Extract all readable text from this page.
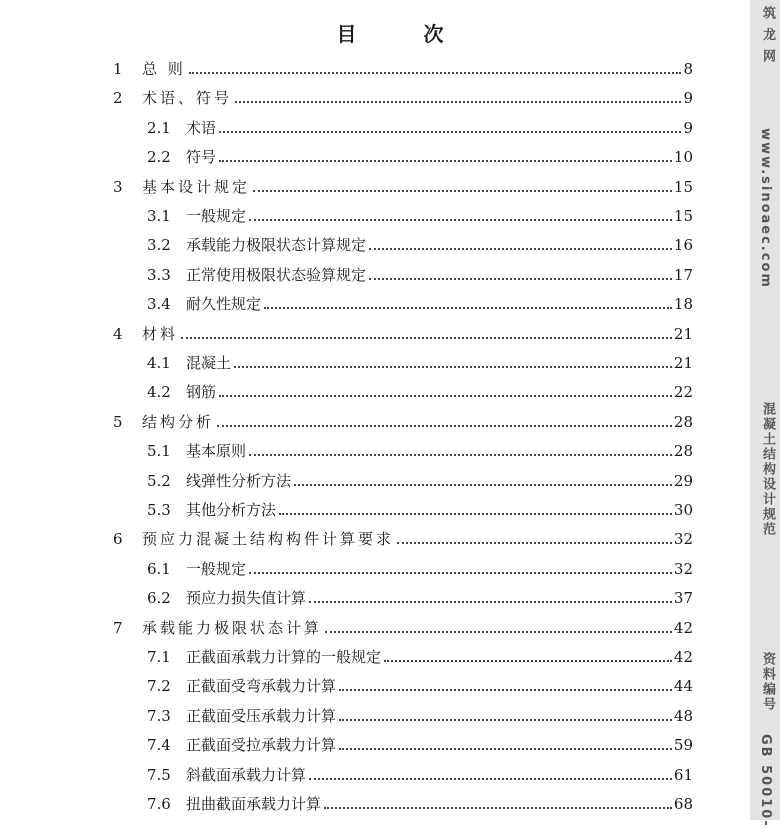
目 次
1	总 则	8
2	术语、符号	9
2.1	术语	9
2.2	符号	10
3	基本设计规定	15
3.1	一般规定	15
3.2	承载能力极限状态计算规定	16
3.3	正常使用极限状态验算规定	17
3.4	耐久性规定	18
4	材料	21
4.1	混凝土	21
4.2	钢筋	22
5	结构分析	28
5.1	基本原则	28
5.2	线弹性分析方法	29
5.3	其他分析方法	30
6	预应力混凝土结构构件计算要求	32
6.1	一般规定	32
6.2	预应力损失值计算	37
7	承载能力极限状态计算	42
7.1	正截面承载力计算的一般规定	42
7.2	正截面受弯承载力计算	44
7.3	正截面受压承载力计算	48
7.4	正截面受拉承载力计算	59
7.5	斜截面承载力计算	61
7.6	扭曲截面承载力计算	68
筑 龙 网
www.sinoaec.com
混凝土结构设计规范
资料编号
GB 50010-
